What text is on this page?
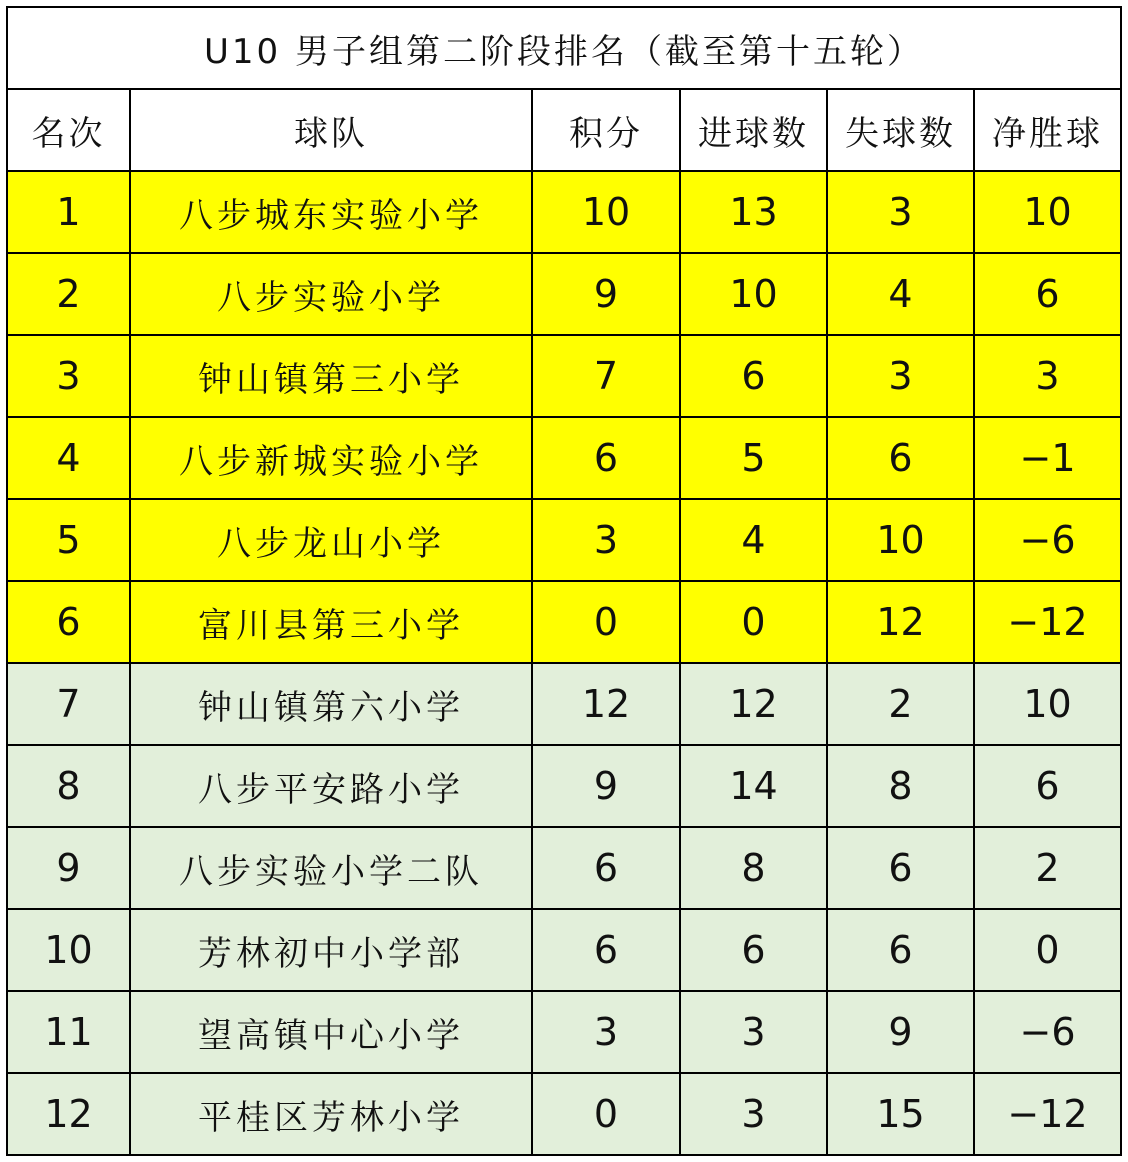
U10 男子组第二阶段排名（截至第十五轮）					
名次	球队	积分	进球数	失球数	净胜球
1	八步城东实验小学	10	13	3	10
2	八步实验小学	9	10	4	6
3	钟山镇第三小学	7	6	3	3
4	八步新城实验小学	6	5	6	−1
5	八步龙山小学	3	4	10	−6
6	富川县第三小学	0	0	12	−12
7	钟山镇第六小学	12	12	2	10
8	八步平安路小学	9	14	8	6
9	八步实验小学二队	6	8	6	2
10	芳林初中小学部	6	6	6	0
11	望高镇中心小学	3	3	9	−6
12	平桂区芳林小学	0	3	15	−12
